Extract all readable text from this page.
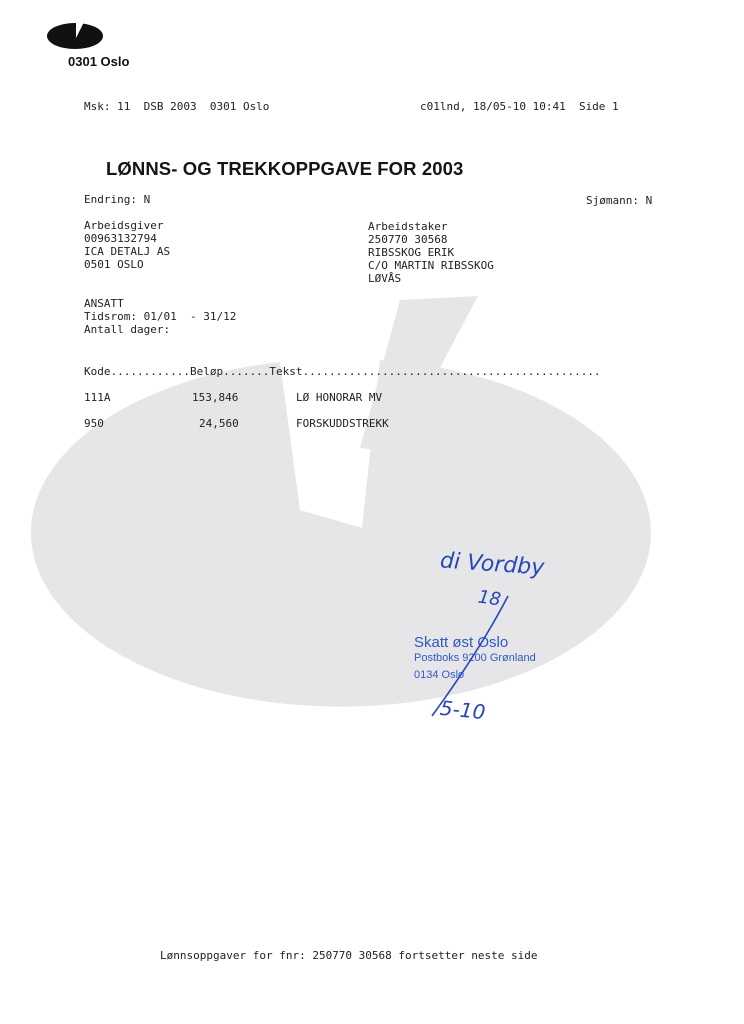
0301 Oslo
Msk: 11  DSB 2003  0301 Oslo	c01lnd, 18/05-10 10:41  Side 1
LØNNS- OG TREKKOPPGAVE FOR 2003
Endring: N	Sjømann: N
Arbeidsgiver
00963132794
ICA DETALJ AS
0501 OSLO
Arbeidstaker
250770 30568
RIBSSKOG ERIK
C/O MARTIN RIBSSKOG
LØVÅS
ANSATT
Tidsrom: 01/01  - 31/12
Antall dager:
Kode............Beløp.......Tekst.............................................
111A	153,846	LØ HONORAR MV
950	24,560	FORSKUDDSTREKK
di Vordby
18
Skatt øst Oslo
Postboks 9200 Grønland
0134 Oslo
5-10
Lønnsoppgaver for fnr: 250770 30568 fortsetter neste side
